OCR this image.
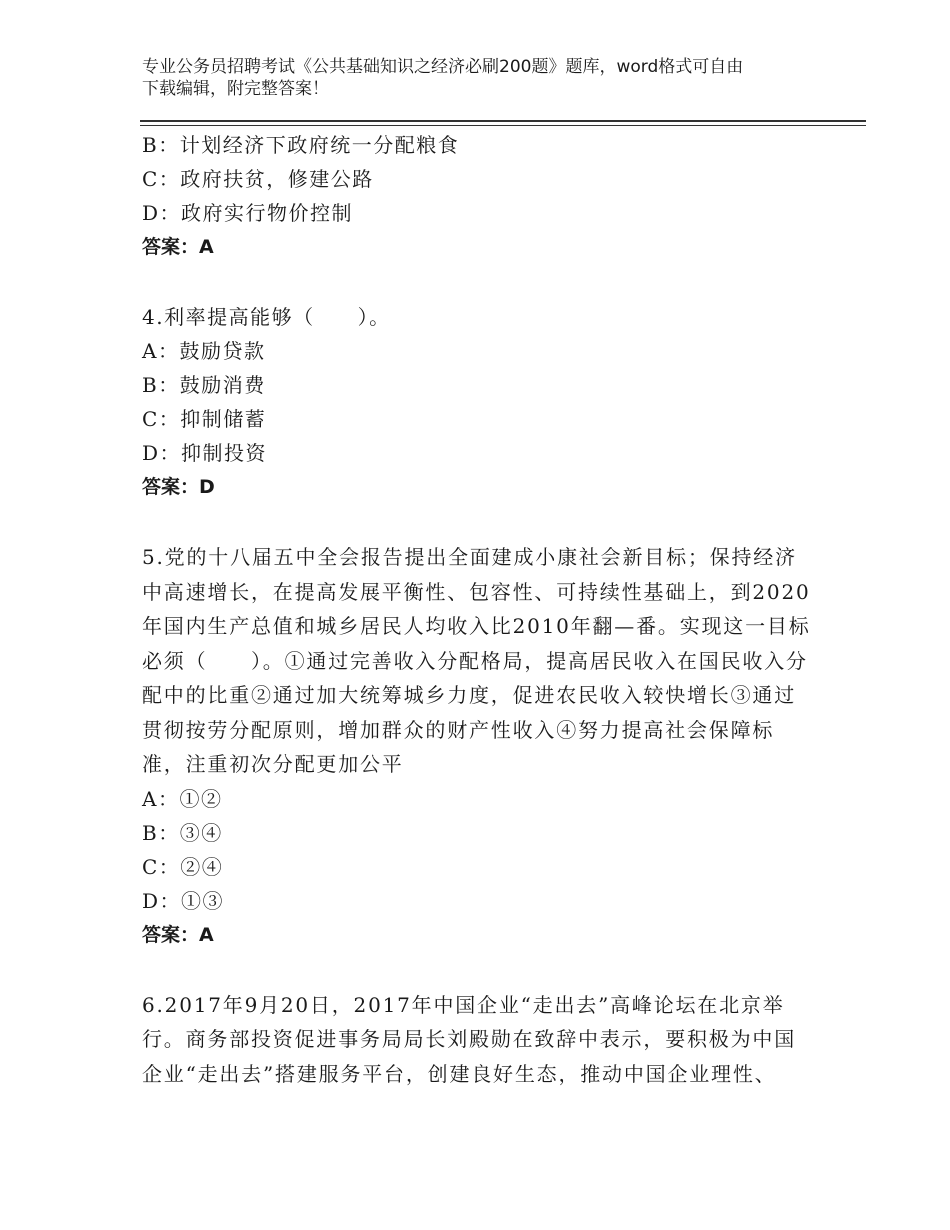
专业公务员招聘考试《公共基础知识之经济必刷200题》题库，word格式可自由
下载编辑，附完整答案！
B：计划经济下政府统一分配粮食
C：政府扶贫，修建公路
D：政府实行物价控制
答案：A
4.利率提高能够（　　）。
A：鼓励贷款
B：鼓励消费
C：抑制储蓄
D：抑制投资
答案：D
5.党的十八届五中全会报告提出全面建成小康社会新目标；保持经济中高速增长，在提高发展平衡性、包容性、可持续性基础上，到2020年国内生产总值和城乡居民人均收入比2010年翻—番。实现这一目标必须（　　）。①通过完善收入分配格局，提高居民收入在国民收入分配中的比重②通过加大统筹城乡力度，促进农民收入较快增长③通过贯彻按劳分配原则，增加群众的财产性收入④努力提高社会保障标准，注重初次分配更加公平
A：①②
B：③④
C：②④
D：①③
答案：A
6.2017年9月20日，2017年中国企业“走出去”高峰论坛在北京举行。商务部投资促进事务局局长刘殿勋在致辞中表示，要积极为中国企业“走出去”搭建服务平台，创建良好生态，推动中国企业理性、
